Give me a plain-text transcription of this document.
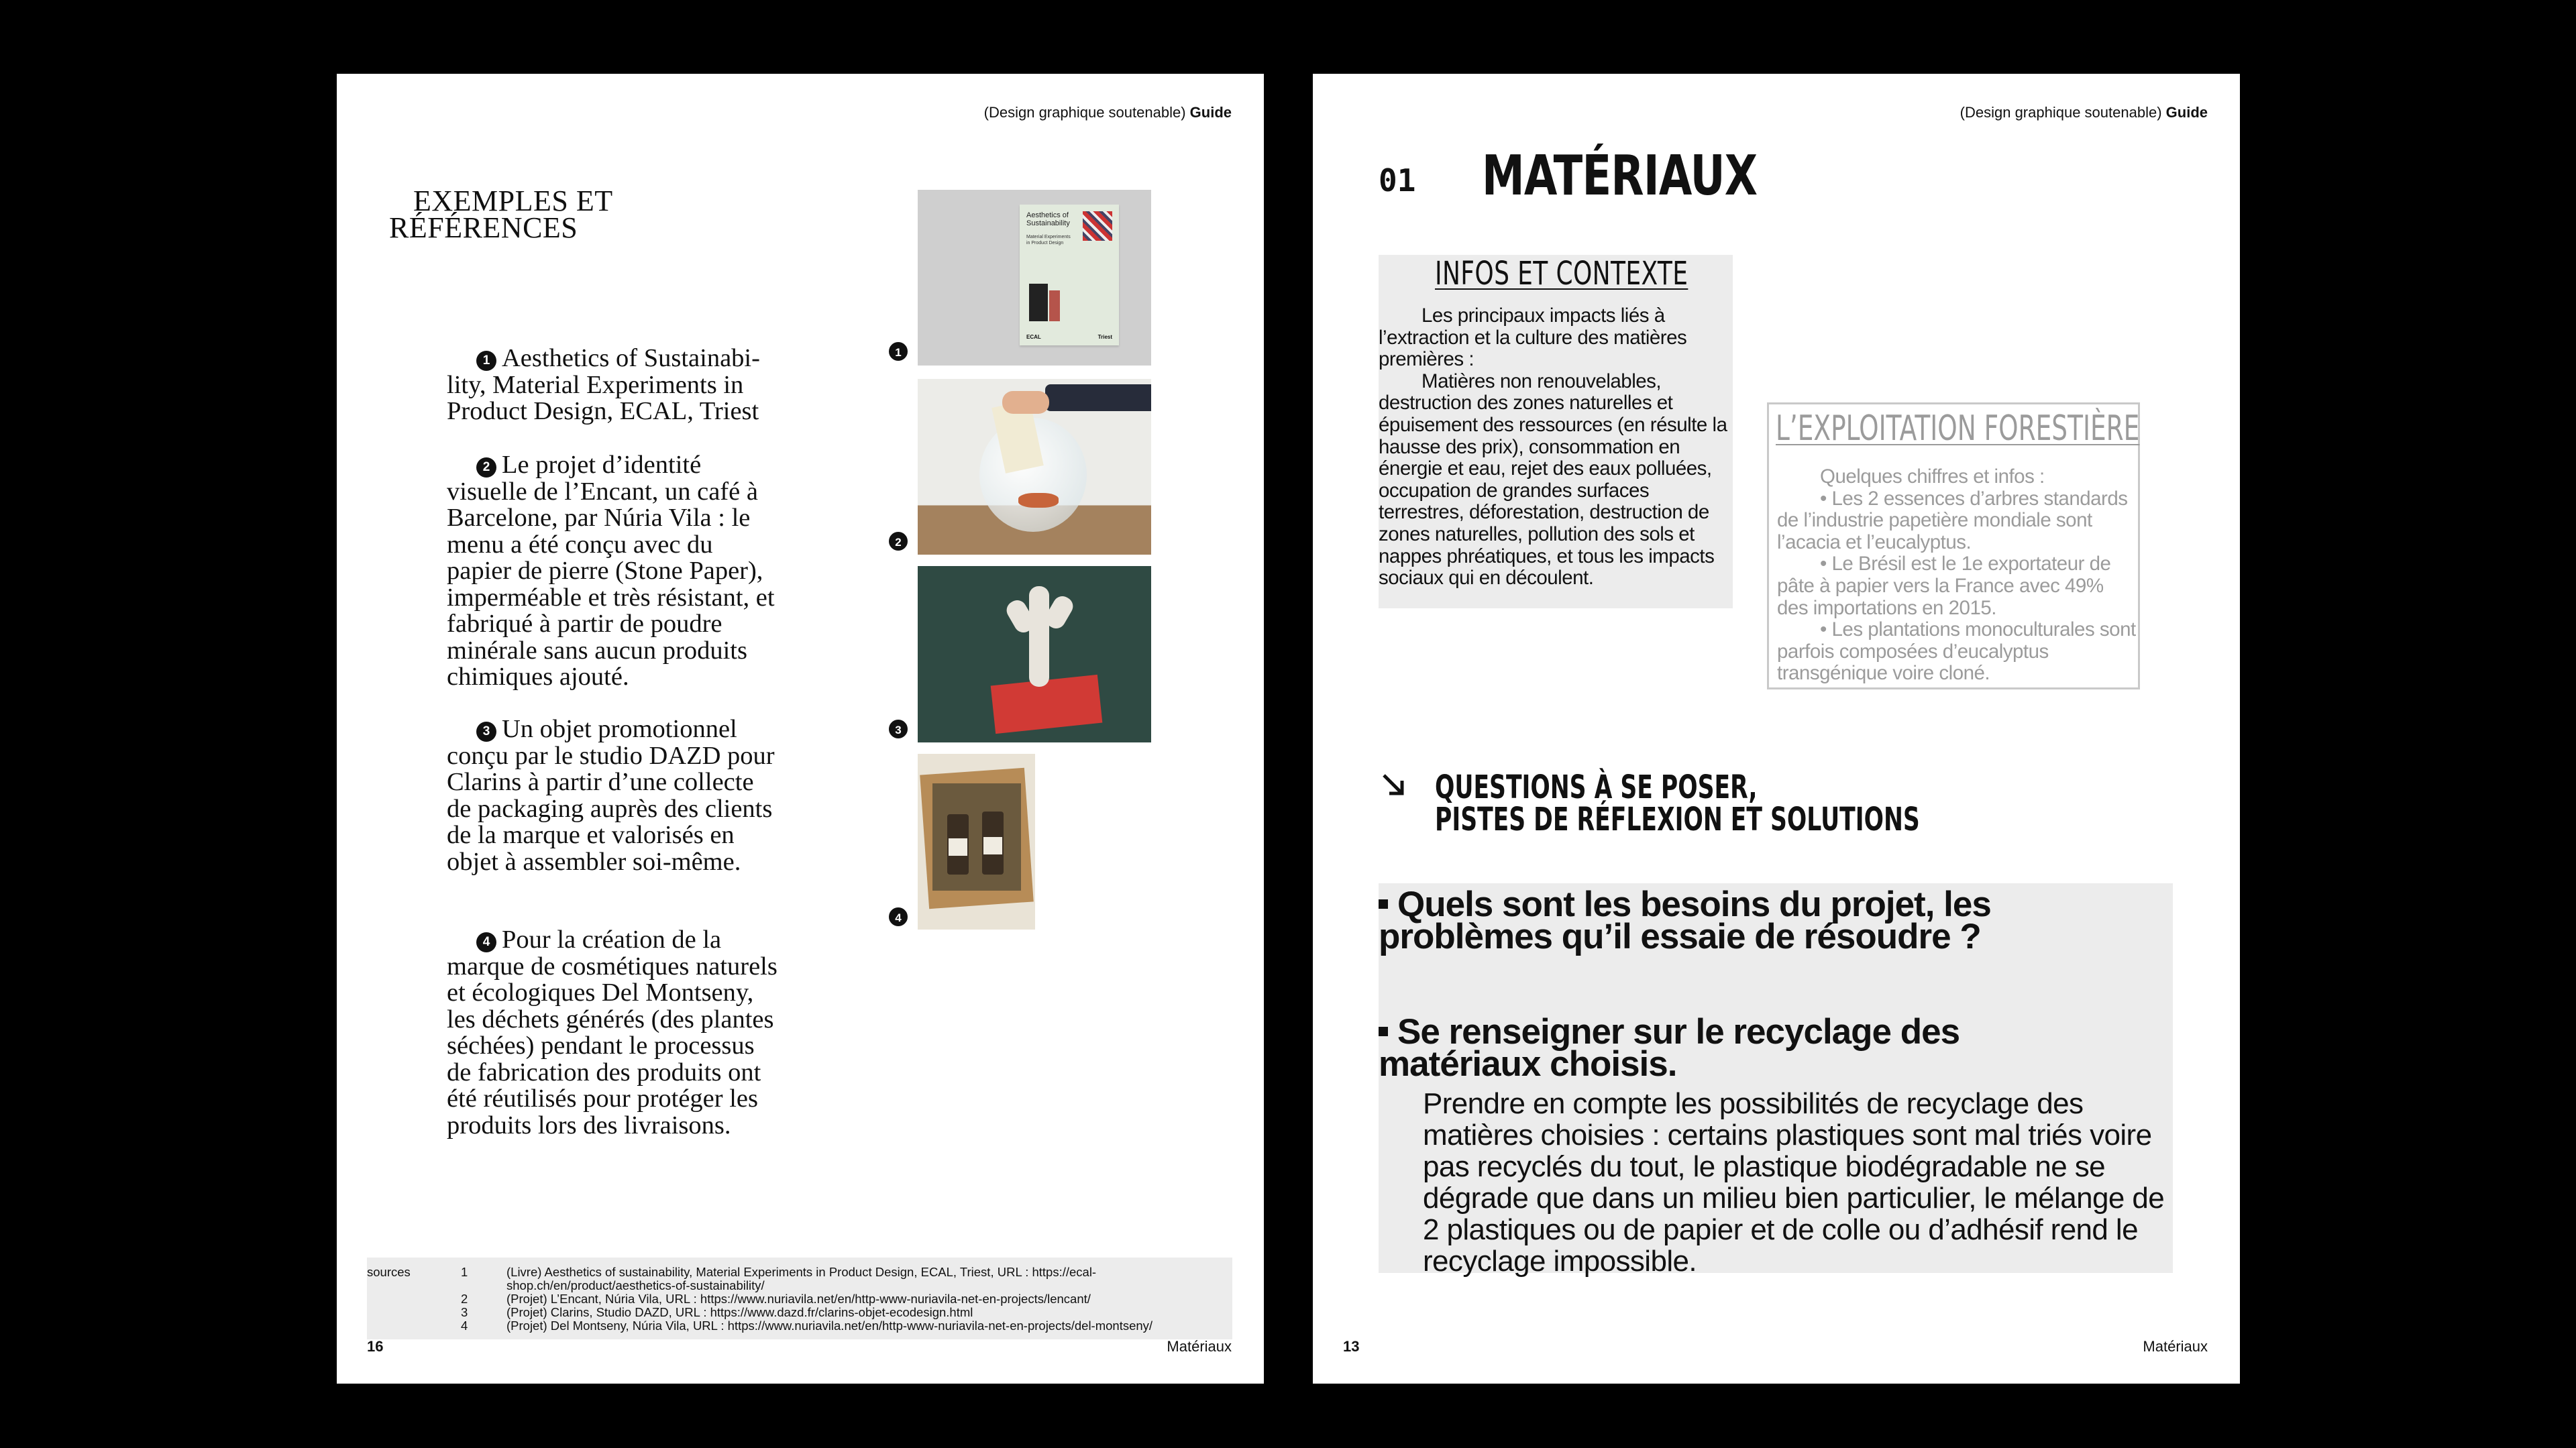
(Design graphique soutenable) Guide
EXEMPLES ET
RÉFÉRENCES

1 Aesthetics of Sustainabi-lity, Material Experiments in Product Design, ECAL, Triest

2 Le projet d’identité visuelle de l’Encant, un café à Barcelone, par Núria Vila : le menu a été conçu avec du papier de pierre (Stone Paper), imperméable et très résistant, et fabriqué à partir de poudre minérale sans aucun produits chimiques ajouté.

3 Un objet promotionnel conçu par le studio DAZD pour Clarins à partir d’une collecte de packaging auprès des clients de la marque et valorisés en objet à assembler soi-même.

4 Pour la création de la marque de cosmétiques naturels et écologiques Del Montseny, les déchets générés (des plantes séchées) pendant le processus de fabrication des produits ont été réutilisés pour protéger les produits lors des livraisons.

Aesthetics of Sustainability
Material Experiments in Product Design
ECAL	Triest
1
2
3
4
sources	1	(Livre) Aesthetics of sustainability, Material Experiments in Product Design, ECAL, Triest, URL : https://ecal-shop.ch/en/product/aesthetics-of-sustainability/
2	(Projet) L’Encant, Núria Vila, URL : https://www.nuriavila.net/en/http-www-nuriavila-net-en-projects/lencant/
3	(Projet) Clarins, Studio DAZD, URL : https://www.dazd.fr/clarins-objet-ecodesign.html
4	(Projet) Del Montseny, Núria Vila, URL : https://www.nuriavila.net/en/http-www-nuriavila-net-en-projects/del-montseny/
16	Matériaux
(Design graphique soutenable) Guide
01 MATÉRIAUX
INFOS ET CONTEXTE

Les principaux impacts liés à l’extraction et la culture des matières premières :

Matières non renouvelables, destruction des zones naturelles et épuisement des ressources (en résulte la hausse des prix), consommation en énergie et eau, rejet des eaux polluées, occupation de grandes surfaces terrestres, déforestation, destruction de zones naturelles, pollution des sols et nappes phréatiques, et tous les impacts sociaux qui en découlent.

L’EXPLOITATION FORESTIÈRE

Quelques chiffres et infos :

• Les 2 essences d’arbres standards de l’industrie papetière mondiale sont l’acacia et l’eucalyptus.

• Le Brésil est le 1e exportateur de pâte à papier vers la France avec 49% des importations en 2015.

• Les plantations monoculturales sont parfois composées d’eucalyptus transgénique voire cloné.

QUESTIONS À SE POSER,
PISTES DE RÉFLEXION ET SOLUTIONS
Quels sont les besoins du projet, les problèmes qu’il essaie de résoudre ?
Se renseigner sur le recyclage des matériaux choisis.
Prendre en compte les possibilités de recyclage des matières choisies : certains plastiques sont mal triés voire pas recyclés du tout, le plastique biodégradable ne se dégrade que dans un milieu bien particulier, le mélange de 2 plastiques ou de papier et de colle ou d’adhésif rend le recyclage impossible.
13	Matériaux
